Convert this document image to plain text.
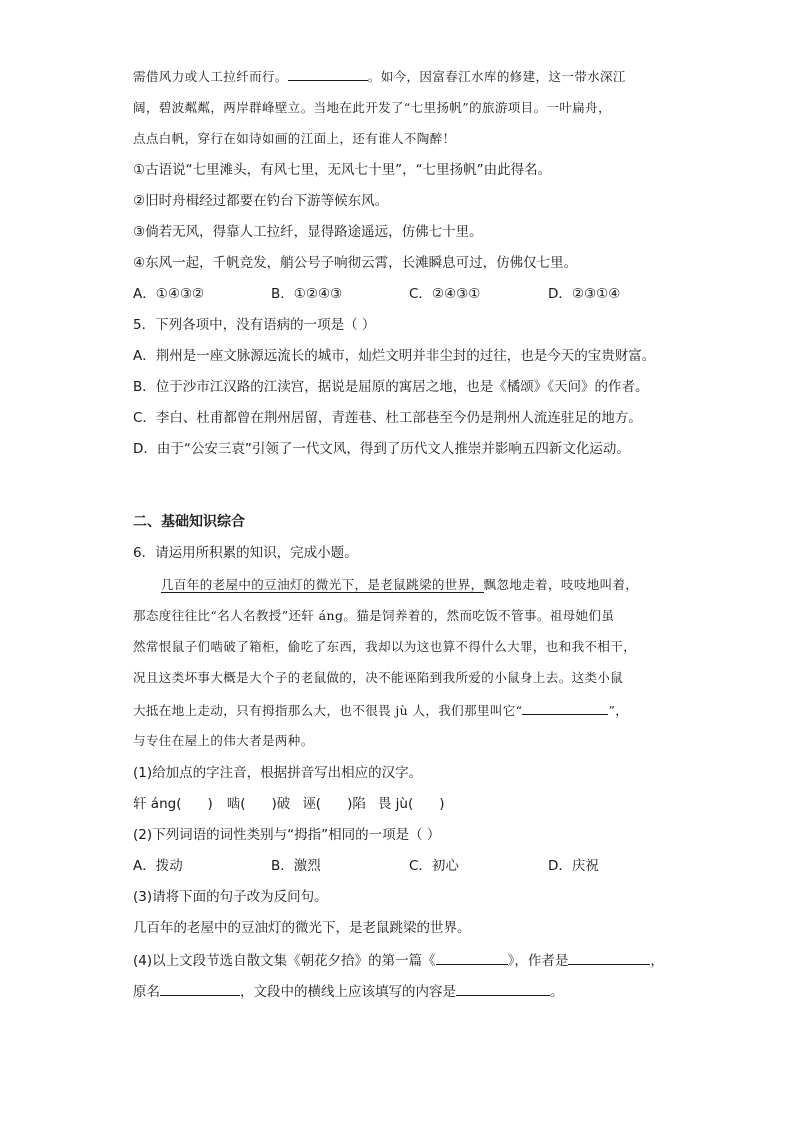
需借风力或人工拉纤而行。	。如今，因富春江水库的修建，这一带水深江
阔，碧波粼粼，两岸群峰壁立。当地在此开发了“七里扬帆”的旅游项目。一叶扁舟，
点点白帆，穿行在如诗如画的江面上，还有谁人不陶醉！
①古语说“七里滩头，有风七里，无风七十里”，“七里扬帆”由此得名。
②旧时舟楫经过都要在钓台下游等候东风。
③倘若无风，得靠人工拉纤，显得路途遥远，仿佛七十里。
④东风一起，千帆竞发，艄公号子响彻云霄，长滩瞬息可过，仿佛仅七里。
A．①④③②	B．①②④③	C．②④③①	D．②③①④
5．下列各项中，没有语病的一项是（ ）
A．荆州是一座文脉源远流长的城市，灿烂文明并非尘封的过往，也是今天的宝贵财富。
B．位于沙市江汉路的江渎宫，据说是屈原的寓居之地，也是《橘颂》《天问》的作者。
C．李白、杜甫都曾在荆州居留，青莲巷、杜工部巷至今仍是荆州人流连驻足的地方。
D．由于“公安三袁”引领了一代文风，得到了历代文人推崇并影响五四新文化运动。
二、基础知识综合
6．请运用所积累的知识，完成小题。
几百年的老屋中的豆油灯的微光下，是老鼠跳梁的世界，飘忽地走着，吱吱地叫着，
那态度往往比“名人名教授”还轩 áng。猫是饲养着的，然而吃饭不管事。祖母她们虽
然常恨鼠子们啮破了箱柜，偷吃了东西，我却以为这也算不得什么大罪，也和我不相干，
况且这类坏事大概是大个子的老鼠做的，决不能诬陷到我所爱的小鼠身上去。这类小鼠
大抵在地上走动，只有拇指那么大，也不很畏 jù 人，我们那里叫它“	”，
与专住在屋上的伟大者是两种。
(1)给加点的字注音，根据拼音写出相应的汉字。
轩 áng( ) 啮( )破 诬( )陷 畏 jù( )
(2)下列词语的词性类别与“拇指”相同的一项是（ ）
A．拨动	B．激烈	C．初心	D．庆祝
(3)请将下面的句子改为反问句。
几百年的老屋中的豆油灯的微光下，是老鼠跳梁的世界。
(4)以上文段节选自散文集《朝花夕拾》的第一篇《	》，作者是	，
原名	，文段中的横线上应该填写的内容是	。
